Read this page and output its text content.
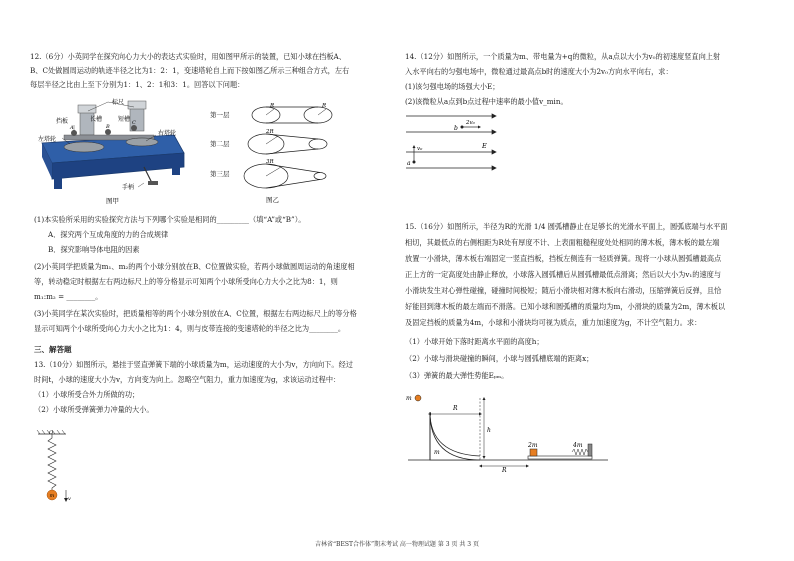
12.（6分）小英同学在探究向心力大小的表达式实验时，用如图甲所示的装置，已知小球在挡板A、
B、C处做圆周运动的轨迹半径之比为1：2：1，变速塔轮自上而下按如图乙所示三种组合方式，左右
每层半径之比由上至下分别为1：1、2：1和3：1。回答以下问题：
标尺
长槽	短槽
挡板
左塔轮
右塔轮
手柄
A	B
C
图甲
第一层
第二层
第三层
R	R
2R
3R
图乙
(1)本实验所采用的实验探究方法与下列哪个实验是相同的_________（填“A”或“B”）。
A．探究两个互成角度的力的合成规律
B．探究影响导体电阻的因素
(2)小英同学把质量为m₁、m₂的两个小球分别放在B、C位置做实验，若两小球做圆周运动的角速度相
等，转动稳定时根据左右两边标尺上的等分格显示可知两个小球所受向心力大小之比为8：1，则
m₁:m₂ = ________。
(3)小英同学在某次实验时，把质量相等的两个小球分别放在A、C位置，根据左右两边标尺上的等分格
显示可知两个小球所受向心力大小之比为1：4，则与皮带连接的变速塔轮的半径之比为________。
三、解答题
13.（10分）如图所示，悬挂于竖直弹簧下端的小球质量为m，运动速度的大小为v，方向向下。经过
时间t，小球的速度大小为v，方向变为向上。忽略空气阻力，重力加速度为g，求该运动过程中：
（1）小球所受合外力所做的功；
（2）小球所受弹簧弹力冲量的大小。
O
m	v
14.（12分）如图所示，一个质量为m、带电量为+q的微粒，从a点以大小为v₀的初速度竖直向上射
入水平向右的匀强电场中，微粒通过最高点b时的速度大小为2v₀方向水平向右，求：
(1)该匀强电场的场强大小E；
(2)该微粒从a点到b点过程中速率的最小值v_min。
b
2v₀
a
v₀	E
15.（16分）如图所示，半径为R的光滑 1/4 圆弧槽静止在足够长的光滑水平面上，圆弧底端与水平面
相切，其最低点的右侧相距为R处有厚度不计、上表面粗糙程度处处相同的薄木板，薄木板的最左端
放置一小滑块，薄木板右端固定一竖直挡板，挡板左侧连有一轻质弹簧。现将一小球从圆弧槽最高点
正上方的一定高度处由静止释放，小球落入圆弧槽后从圆弧槽最低点滑离；然后以大小为v₁的速度与
小滑块发生对心弹性碰撞，碰撞时间极短；随后小滑块相对薄木板向右滑动，压缩弹簧后反弹，且恰
好能回到薄木板的最左端而不滑落。已知小球和圆弧槽的质量均为m，小滑块的质量为2m，薄木板以
及固定挡板的质量为4m，小球和小滑块均可视为质点，重力加速度为g，不计空气阻力。求：
（1）小球开始下落时距离水平面的高度h；
（2）小球与滑块碰撞的瞬间，小球与圆弧槽底端的距离x；
（3）弹簧的最大弹性势能Eₚₘ。
m
R
h
m
2m	4m
R
吉林省“BEST合作体”期末考试 高一物理试题 第 3 页 共 3 页
